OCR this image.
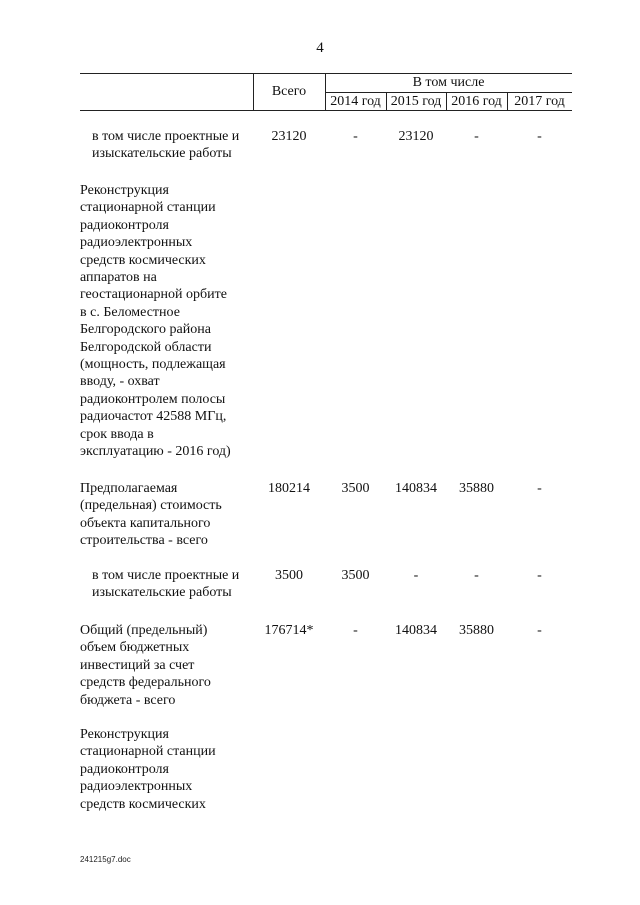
4
Всего
В том числе
2014 год 2015 год 2016 год 2017 год
в том числе проектные и
изыскательские работы
23120	-	23120	-	-
Реконструкция
стационарной станции
радиоконтроля
радиоэлектронных
средств космических
аппаратов на
геостационарной орбите
в с. Беломестное
Белгородского района
Белгородской области
(мощность, подлежащая
вводу, - охват
радиоконтролем полосы
радиочастот 42588 МГц,
срок ввода в
эксплуатацию - 2016 год)
Предполагаемая
(предельная) стоимость
объекта капитального
строительства - всего
180214	3500	140834	35880	-
в том числе проектные и
изыскательские работы
3500	3500	-	-	-
Общий (предельный)
объем бюджетных
инвестиций за счет
средств федерального
бюджета - всего
176714*	-	140834	35880	-
Реконструкция
стационарной станции
радиоконтроля
радиоэлектронных
средств космических
241215g7.doc
